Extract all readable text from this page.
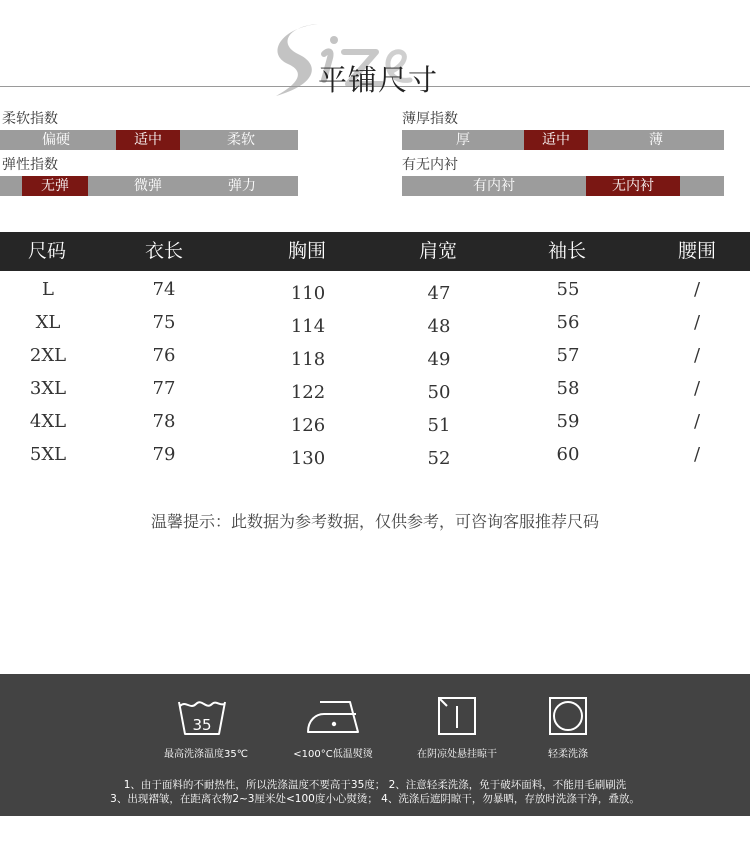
平铺尺寸
柔软指数
偏硬	适中	柔软
薄厚指数
厚	适中	薄
弹性指数
无弹	微弹	弹力
有无内衬
有内衬	无内衬
尺码	衣长	胸围	肩宽	袖长	腰围
L	74	110	47	55	/
XL	75	114	48	56	/
2XL	76	118	49	57	/
3XL	77	122	50	58	/
4XL	78	126	51	59	/
5XL	79	130	52	60	/
温馨提示：此数据为参考数据，仅供参考，可咨询客服推荐尺码
35
最高洗涤温度35℃	<100°C低温熨烫	在阴凉处悬挂晾干	轻柔洗涤
1、由于面料的不耐热性，所以洗涤温度不要高于35度； 2、注意轻柔洗涤，免于破坏面料，不能用毛刷刷洗
3、出现褶皱，在距离衣物2~3厘米处<100度小心熨烫； 4、洗涤后遮阴晾干，勿暴晒，存放时洗涤干净，叠放。
